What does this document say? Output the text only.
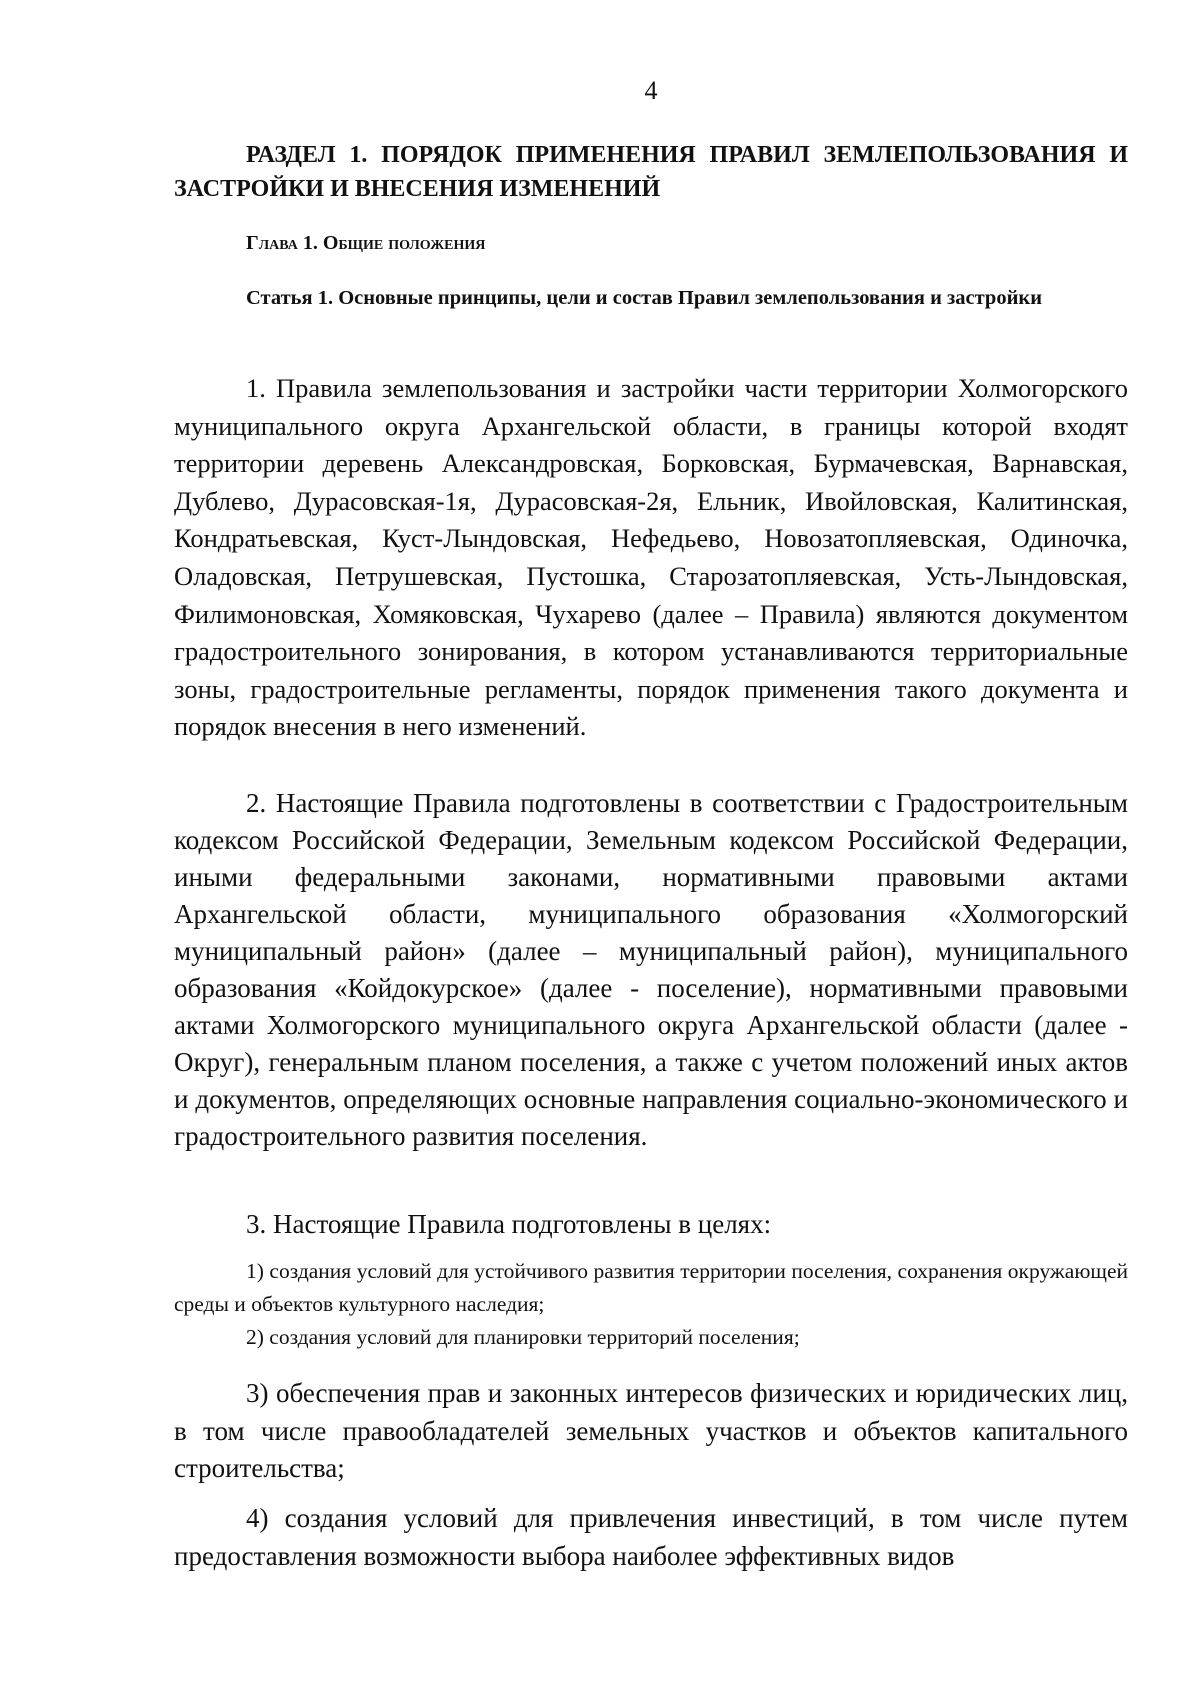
4
РАЗДЕЛ 1. ПОРЯДОК ПРИМЕНЕНИЯ ПРАВИЛ ЗЕМЛЕПОЛЬЗОВАНИЯ И ЗАСТРОЙКИ И ВНЕСЕНИЯ ИЗМЕНЕНИЙ
Глава 1. Общие положения
Статья 1. Основные принципы, цели и состав Правил землепользования и застройки

1. Правила землепользования и застройки части территории Холмогорского муниципального округа Архангельской области, в границы которой входят территории деревень Александровская, Борковская, Бурмачевская, Варнавская, Дублево, Дурасовская-1я, Дурасовская-2я, Ельник, Ивойловская, Калитинская, Кондратьевская, Куст-Лындовская, Нефедьево, Новозатопляевская, Одиночка, Оладовская, Петрушевская, Пустошка, Старозатопляевская, Усть-Лындовская, Филимоновская, Хомяковская, Чухарево (далее – Правила) являются документом градостроительного зонирования, в котором устанавливаются территориальные зоны, градостроительные регламенты, порядок применения такого документа и порядок внесения в него изменений.

2. Настоящие Правила подготовлены в соответствии с Градостроительным кодексом Российской Федерации, Земельным кодексом Российской Федерации, иными федеральными законами, нормативными правовыми актами Архангельской области, муниципального образования «Холмогорский муниципальный район» (далее – муниципальный район), муниципального образования «Койдокурское» (далее - поселение), нормативными правовыми актами Холмогорского муниципального округа Архангельской области (далее - Округ), генеральным планом поселения, а также с учетом положений иных актов и документов, определяющих основные направления социально-экономического и градостроительного развития поселения.

3. Настоящие Правила подготовлены в целях:

1) создания условий для устойчивого развития территории поселения, сохранения окружающей среды и объектов культурного наследия;

2) создания условий для планировки территорий поселения;

3) обеспечения прав и законных интересов физических и юридических лиц, в том числе правообладателей земельных участков и объектов капитального строительства;

4) создания условий для привлечения инвестиций, в том числе путем предоставления возможности выбора наиболее эффективных видов
